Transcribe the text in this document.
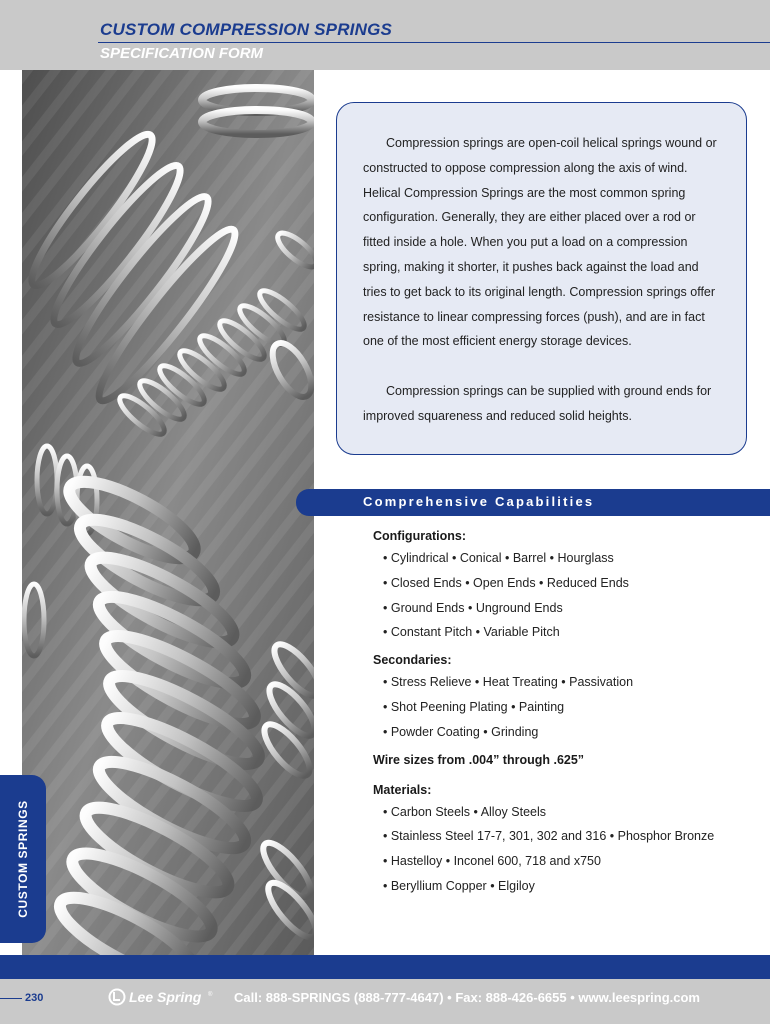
CUSTOM COMPRESSION SPRINGS
SPECIFICATION FORM
CUSTOM SPRINGS

Compression springs are open-coil helical springs wound or constructed to oppose compression along the axis of wind. Helical Compression Springs are the most common spring configuration. Generally, they are either placed over a rod or fitted inside a hole. When you put a load on a compression spring, making it shorter, it pushes back against the load and tries to get back to its original length. Compression springs offer resistance to linear compressing forces (push), and are in fact one of the most efficient energy storage devices.

Compression springs can be supplied with ground ends for improved squareness and reduced solid heights.

Comprehensive Capabilities
Configurations:
• Cylindrical • Conical • Barrel • Hourglass
• Closed Ends • Open Ends • Reduced Ends
• Ground Ends • Unground Ends
• Constant Pitch • Variable Pitch
Secondaries:
• Stress Relieve • Heat Treating • Passivation
• Shot Peening Plating • Painting
• Powder Coating • Grinding
Wire sizes from .004” through .625”
Materials:
• Carbon Steels • Alloy Steels
• Stainless Steel 17-7, 301, 302 and 316 • Phosphor Bronze
• Hastelloy • Inconel 600, 718 and x750
• Beryllium Copper • Elgiloy
230	Lee Spring ® Call: 888-SPRINGS (888-777-4647) • Fax: 888-426-6655 • www.leespring.com
